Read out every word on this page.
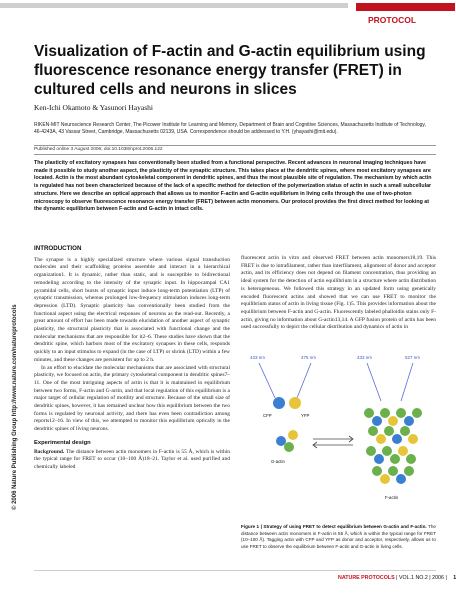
PROTOCOL
Visualization of F-actin and G-actin equilibrium using fluorescence resonance energy transfer (FRET) in cultured cells and neurons in slices
Ken-Ichi Okamoto & Yasunori Hayashi
RIKEN-MIT Neuroscience Research Center, The Picower Institute for Learning and Memory, Department of Brain and Cognitive Sciences, Massachusetts Institute of Technology, 46-4243A, 43 Vassar Street, Cambridge, Massachusetts 02139, USA. Correspondence should be addressed to Y.H. (yhayashi@mit.edu).
Published online 3 August 2006; doi:10.1038/nprot.2006.122

The plasticity of excitatory synapses has conventionally been studied from a functional perspective. Recent advances in neuronal imaging techniques have made it possible to study another aspect, the plasticity of the synaptic structure. This takes place at the dendritic spines, where most excitatory synapses are located. Actin is the most abundant cytoskeletal component in dendritic spines, and thus the most plausible site of regulation. The mechanism by which actin is regulated has not been characterized because of the lack of a specific method for detection of the polymerization status of actin in such a small subcellular structure. Here we describe an optical approach that allows us to monitor F-actin and G-actin equilibrium in living cells through the use of two-photon microscopy to observe fluorescence resonance energy transfer (FRET) between actin monomers. Our protocol provides the first direct method for looking at the dynamic equilibrium between F-actin and G-actin in intact cells.

© 2006 Nature Publishing Group http://www.nature.com/natureprotocols
INTRODUCTION

The synapse is a highly specialized structure where various signal transduction molecules and their scaffolding proteins assemble and interact in a hierarchical organization1. It is dynamic, rather than static, and is susceptible to bidirectional remodeling according to the intensity of the synaptic input. In hippocampal CA1 pyramidal cells, short bursts of synaptic input induce long-term potentiation (LTP) of synaptic transmission, whereas prolonged low-frequency stimulation induces long-term depression (LTD). Synaptic plasticity has conventionally been studied from the functional aspect using the electrical responses of neurons as the read-out. Recently, a great amount of effort has been made towards elucidation of another aspect of synaptic plasticity, the structural plasticity that is associated with functional change and the molecular mechanisms that are responsible for it2–6. These studies have shown that the dendritic spine, which harbors most of the excitatory synapses in these cells, responds quickly to an input stimulus to expand (in the case of LTP) or shrink (LTD) within a few minutes, and these changes are persistent for up to 2 h.

In an effort to elucidate the molecular mechanisms that are associated with structural plasticity, we focused on actin, the primary cytoskeletal component in dendritic spines7–11. One of the most intriguing aspects of actin is that it is maintained in equilibrium between two forms, F-actin and G-actin, and that local regulation of this equilibrium is a major target of cellular regulation of motility and structure. Because of the small size of dendritic spines, however, it has remained unclear how this equilibrium between the two forms is regulated by neuronal activity, and there has even been contradiction among reports12–16. In view of this, we attempted to monitor this equilibrium optically in the dendritic spines of living neurons.

Experimental design

Background. The distance between actin monomers in F-actin is 55 Å, which is within the typical range for FRET to occur (10–100 Å)18–21. Taylor et al. used purified and chemically labeled

fluorescent actin in vitro and observed FRET between actin monomers18,19. This FRET is due to intrafilament, rather than interfilament, alignment of donor and acceptor actin, and its efficiency does not depend on filament concentration, thus providing an ideal system for the detection of actin equilibrium in a structure where actin distribution is heterogeneous. We followed this strategy in an updated form using genetically encoded fluorescent actins and showed that we can use FRET to monitor the equilibrium status of actin in living tissue (Fig. 1)5. This provides information about the equilibrium between F-actin and G-actin. Fluorescently labeled phalloidin stains only F-actin, giving no information about G-actin13,14. A GFP fusion protein of actin has been used successfully to depict the cellular distribution and dynamics of actin in

433 nm	475 nm
CFP	YFP
G-actin
433 nm	527 nm
F-actin
Figure 1 | Strategy of using FRET to detect equilibrium between G-actin and F-actin. The distance between actin monomers in F-actin is 55 Å, which is within the typical range for FRET (10–100 Å). Tagging actin with CFP and YFP as donor and acceptor, respectively, allows us to use FRET to observe the equilibrium between F-actin and G-actin in living cells.
NATURE PROTOCOLS | VOL.1 NO.2 | 2006 | 1
